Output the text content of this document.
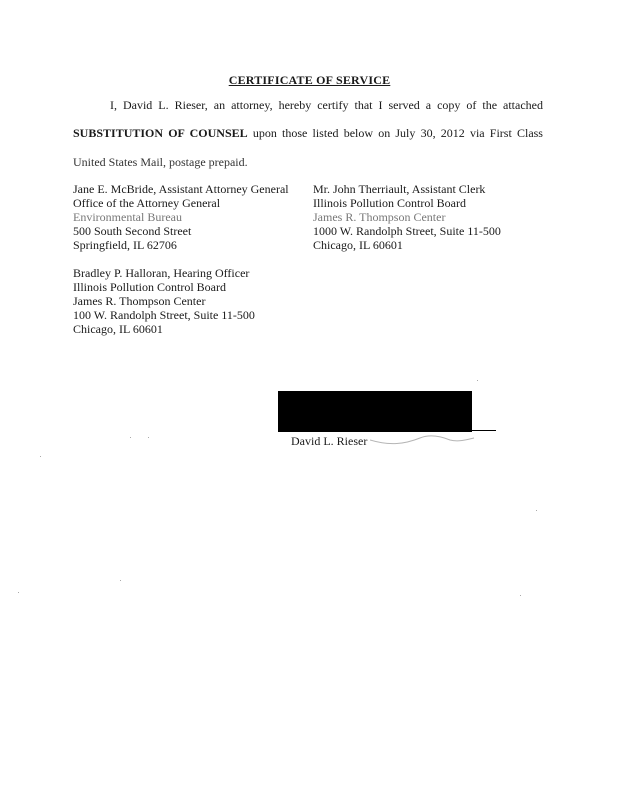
CERTIFICATE OF SERVICE
I, David L. Rieser, an attorney, hereby certify that I served a copy of the attached
SUBSTITUTION OF COUNSEL upon those listed below on July 30, 2012 via First Class
United States Mail, postage prepaid.
Jane E. McBride, Assistant Attorney General
Office of the Attorney General
Environmental Bureau
500 South Second Street
Springfield, IL 62706
Mr. John Therriault, Assistant Clerk
Illinois Pollution Control Board
James R. Thompson Center
1000 W. Randolph Street, Suite 11-500
Chicago, IL 60601
Bradley P. Halloran, Hearing Officer
Illinois Pollution Control Board
James R. Thompson Center
100 W. Randolph Street, Suite 11-500
Chicago, IL 60601
David L. Rieser
